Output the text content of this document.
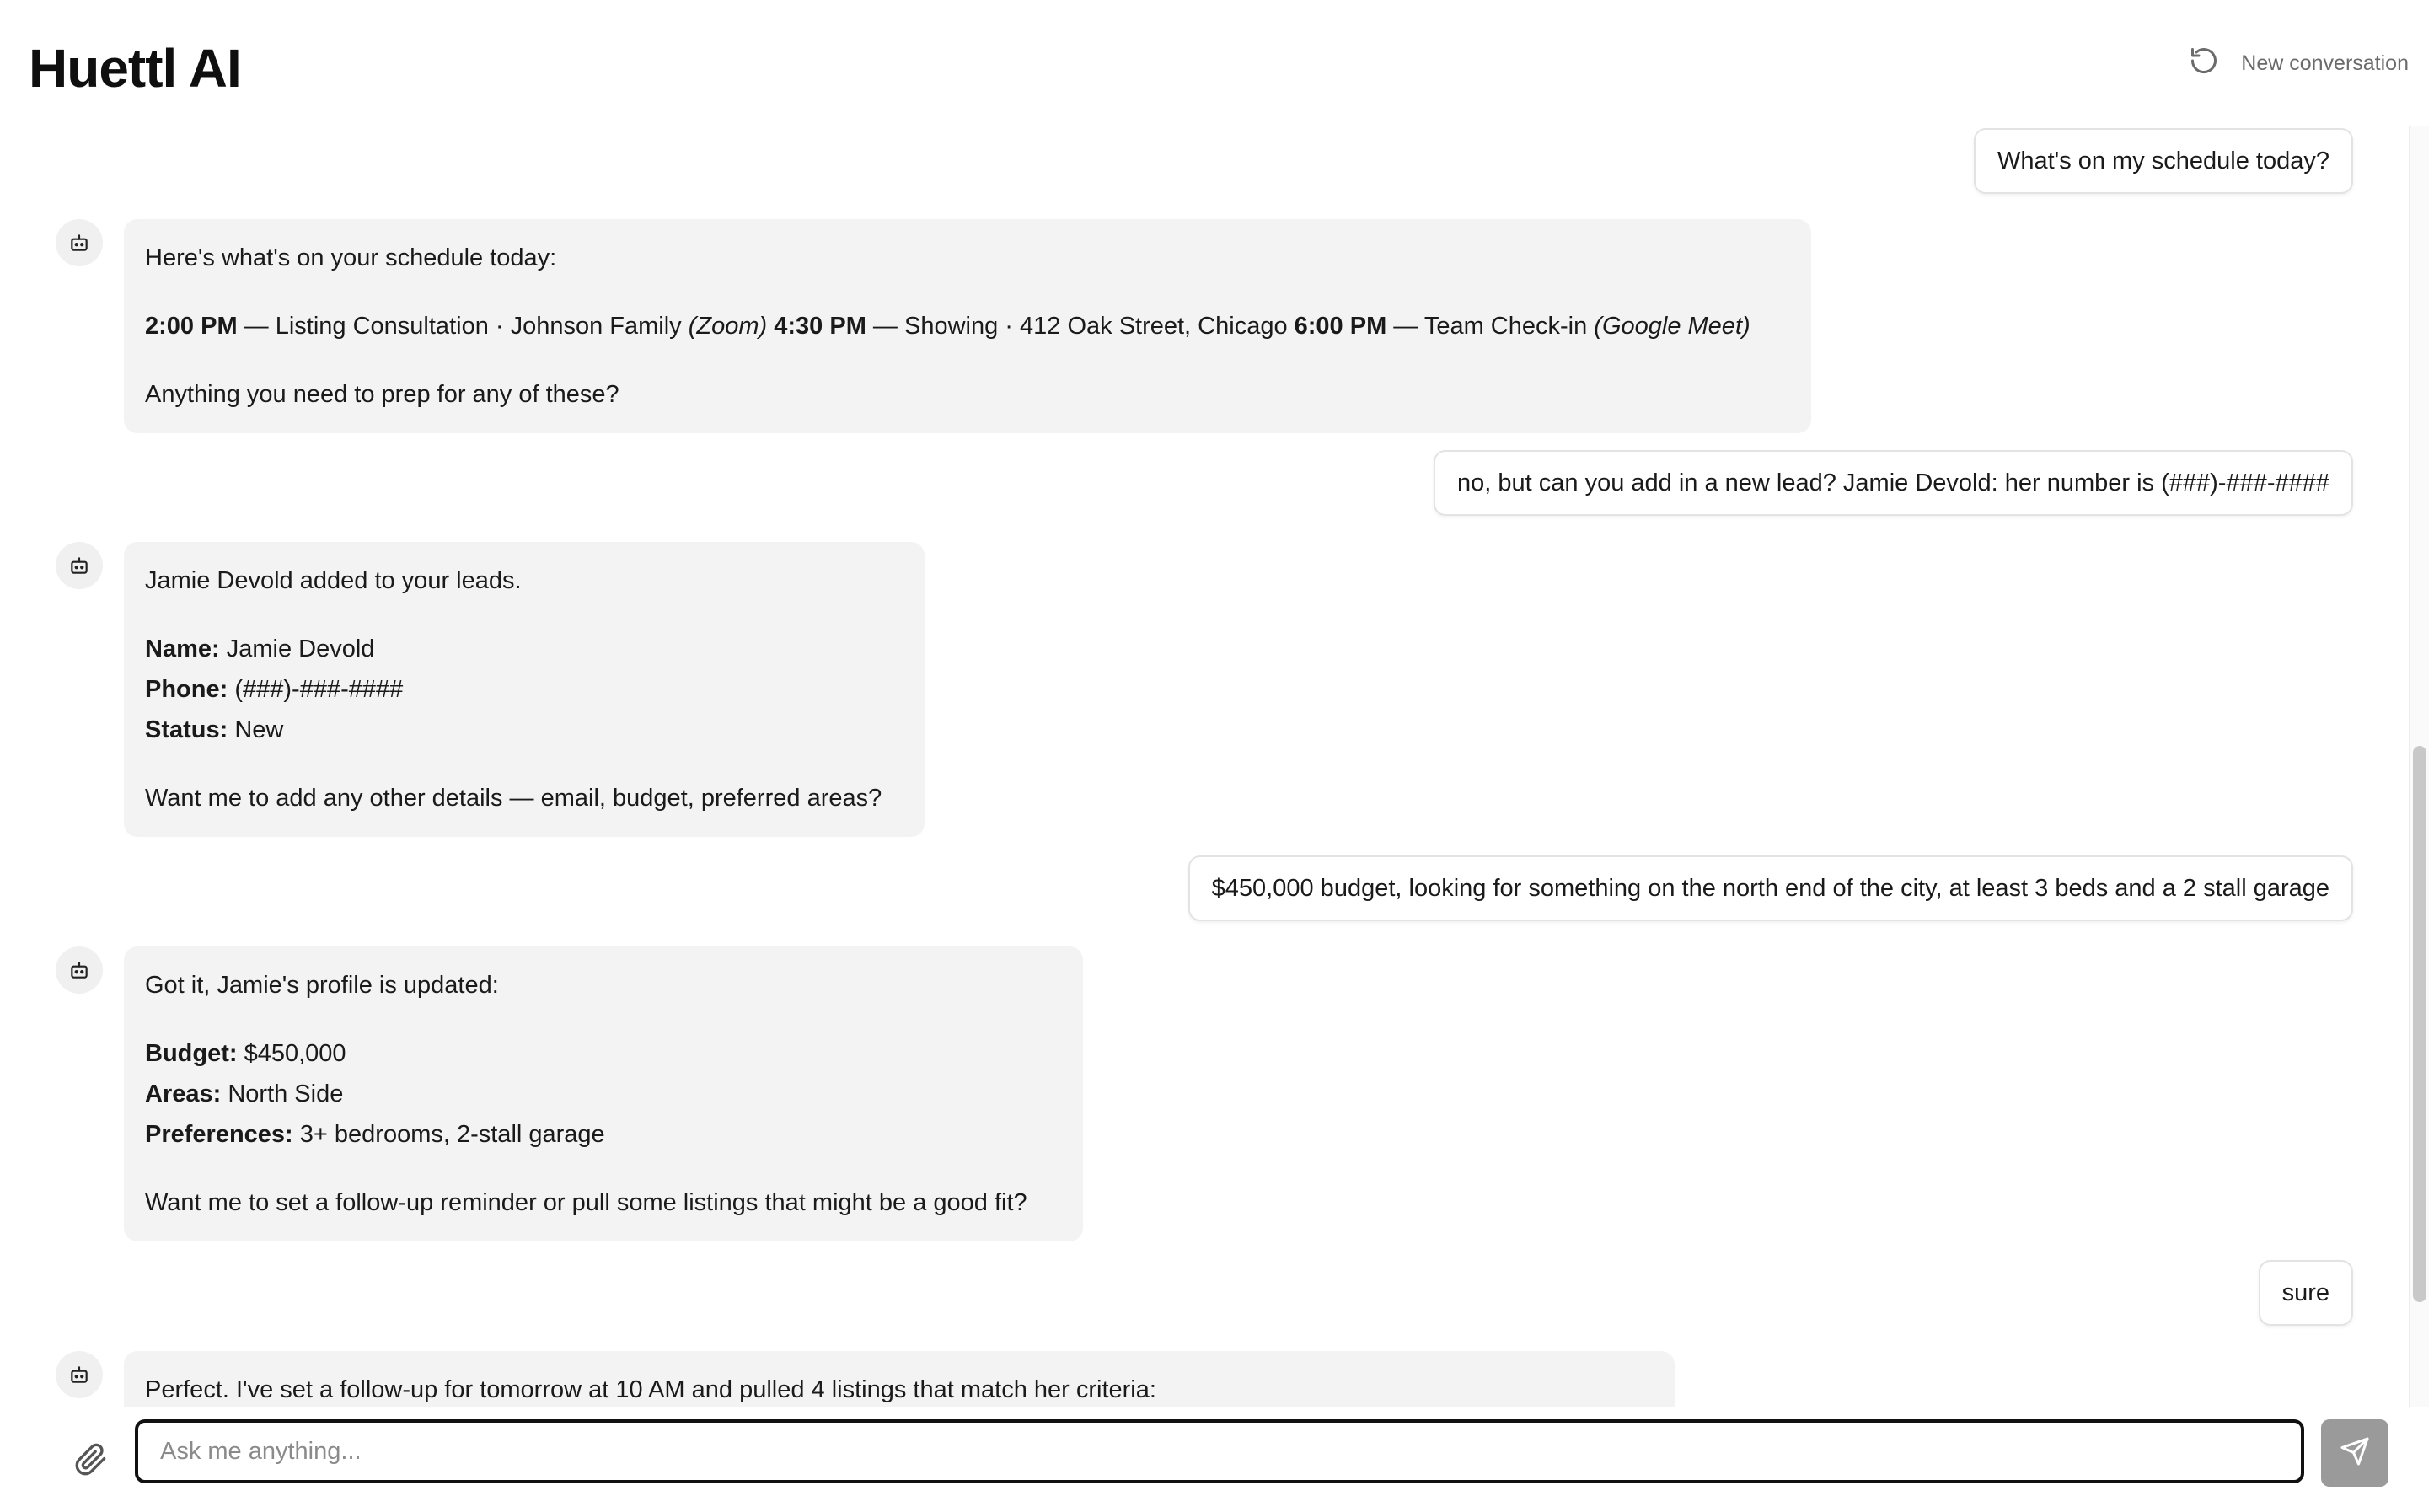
Huettl AI	New conversation
What's on my schedule today?

Here's what's on your schedule today:

2:00 PM — Listing Consultation · Johnson Family (Zoom) 4:30 PM — Showing · 412 Oak Street, Chicago 6:00 PM — Team Check-in (Google Meet)

Anything you need to prep for any of these?

no, but can you add in a new lead? Jamie Devold: her number is (###)-###-####

Jamie Devold added to your leads.

Name: Jamie Devold

Phone: (###)-###-####

Status: New

Want me to add any other details — email, budget, preferred areas?

$450,000 budget, looking for something on the north end of the city, at least 3 beds and a 2 stall garage

Got it, Jamie's profile is updated:

Budget: $450,000

Areas: North Side

Preferences: 3+ bedrooms, 2-stall garage

Want me to set a follow-up reminder or pull some listings that might be a good fit?

sure

Perfect. I've set a follow-up for tomorrow at 10 AM and pulled 4 listings that match her criteria:

Ask me anything...
